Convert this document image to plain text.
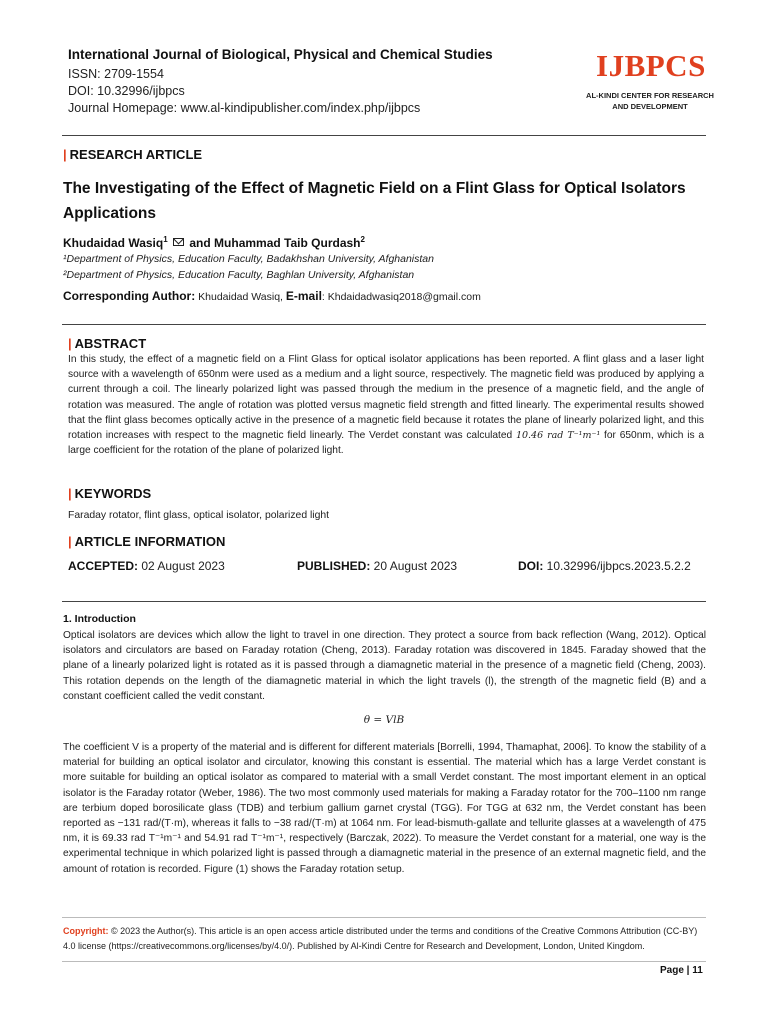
International Journal of Biological, Physical and Chemical Studies
ISSN: 2709-1554
DOI: 10.32996/ijbpcs
Journal Homepage: www.al-kindipublisher.com/index.php/ijbpcs
IJBPCS
AL-KINDI CENTER FOR RESEARCH
AND DEVELOPMENT
| RESEARCH ARTICLE
The Investigating of the Effect of Magnetic Field on a Flint Glass for Optical Isolators Applications
Khudaidad Wasiq$^1$  and Muhammad Taib Qurdash$^2$
¹Department of Physics, Education Faculty, Badakhshan University, Afghanistan
²Department of Physics, Education Faculty, Baghlan University, Afghanistan
Corresponding Author: Khudaidad Wasiq, E-mail: Khdaidadwasiq2018@gmail.com
| ABSTRACT
In this study, the effect of a magnetic field on a Flint Glass for optical isolator applications has been reported. A flint glass and a laser light source with a wavelength of 650nm were used as a medium and a light source, respectively. The magnetic field was produced by applying a current through a coil. The linearly polarized light was passed through the medium in the presence of a magnetic field, and the angle of rotation was measured. The angle of rotation was plotted versus magnetic field strength and fitted linearly. The experimental results showed that the flint glass becomes optically active in the presence of a magnetic field because it rotates the plane of linearly polarized light, and this rotation increases with respect to the magnetic field linearly. The Verdet constant was calculated 10.46 rad T⁻¹m⁻¹ for 650nm, which is a large coefficient for the rotation of the plane of polarized light.
| KEYWORDS
Faraday rotator, flint glass, optical isolator, polarized light
| ARTICLE INFORMATION
ACCEPTED: 02 August 2023	PUBLISHED: 20 August 2023	DOI: 10.32996/ijbpcs.2023.5.2.2
1. Introduction
Optical isolators are devices which allow the light to travel in one direction. They protect a source from back reflection (Wang, 2012). Optical isolators and circulators are based on Faraday rotation (Cheng, 2013). Faraday rotation was discovered in 1845. Faraday showed that the plane of a linearly polarized light is rotated as it is passed through a diamagnetic material in the presence of a magnetic field (Cheng, 2003). This rotation depends on the length of the diamagnetic material in which the light travels (l), the strength of the magnetic field (B) and a constant coefficient called the vedit constant.
θ = VlB
The coefficient V is a property of the material and is different for different materials [Borrelli, 1994, Thamaphat, 2006]. To know the stability of a material for building an optical isolator and circulator, knowing this constant is essential. The material which has a large Verdet constant is more suitable for building an optical isolator as compared to material with a small Verdet constant. The most important element in an optical isolator is the Faraday rotator (Weber, 1986). The two most commonly used materials for making a Faraday rotator for the 700–1100 nm range are terbium doped borosilicate glass (TDB) and terbium gallium garnet crystal (TGG). For TGG at 632 nm, the Verdet constant has been reported as −131 rad/(T·m), whereas it falls to −38 rad/(T·m) at 1064 nm. For lead-bismuth-gallate and tellurite glasses at a wavelength of 475 nm, it is 69.33 rad T⁻¹m⁻¹ and 54.91 rad T⁻¹m⁻¹, respectively (Barczak, 2022). To measure the Verdet constant for a material, one way is the experimental technique in which polarized light is passed through a diamagnetic material in the presence of an external magnetic field, and the amount of rotation is recorded. Figure (1) shows the Faraday rotation setup.
Copyright: © 2023 the Author(s). This article is an open access article distributed under the terms and conditions of the Creative Commons Attribution (CC-BY) 4.0 license (https://creativecommons.org/licenses/by/4.0/). Published by Al-Kindi Centre for Research and Development, London, United Kingdom.
Page | 11
